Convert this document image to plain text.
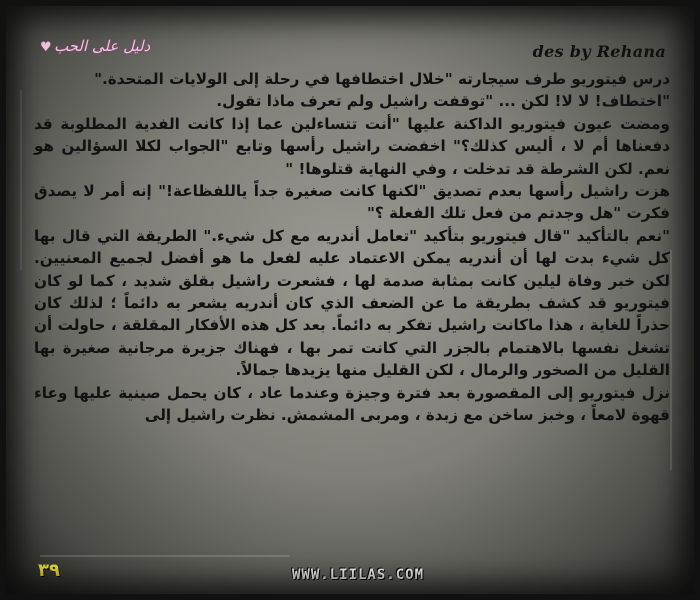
♥ دليل على الحب	des by Rehana

درس فيتوريو طرف سيجارته "خلال اختطافها في رحلة إلى الولايات المتحدة."

"اختطاف! لا لا! لكن ... "توقفت راشيل ولم تعرف ماذا تقول.

ومضت عيون فيتوريو الداكنة عليها "أنت تتساءلين عما إذا كانت الفدية المطلوبة قد دفعناها أم لا ، أليس كذلك؟" اخفضت راشيل رأسها وتابع "الجواب لكلا السؤالين هو نعم. لكن الشرطة قد تدخلت ، وفي النهاية قتلوها! "

هزت راشيل رأسها بعدم تصديق "لكنها كانت صغيرة جداً ياللفظاعة!" إنه أمر لا يصدق فكرت "هل وجدتم من فعل تلك الفعلة ؟"

"نعم بالتأكيد "قال فيتوريو بتأكيد "تعامل أندريه مع كل شيء." الطريقة التي قال بها كل شيء بدت لها أن أندريه يمكن الاعتماد عليه لفعل ما هو أفضل لجميع المعنيين. لكن خبر وفاة ليلين كانت بمثابة صدمة لها ، فشعرت راشيل بقلق شديد ، كما لو كان فيتوريو قد كشف بطريقة ما عن الضعف الذي كان أندريه يشعر به دائماً ؛ لذلك كان حذراً للغاية ، هذا ماكانت راشيل تفكر به دائماً. بعد كل هذه الأفكار المقلقة ، حاولت أن تشغل نفسها بالاهتمام بالجزر التي كانت تمر بها ، فهناك جزيرة مرجانية صغيرة بها القليل من الصخور والرمال ، لكن القليل منها يزيدها جمالاً.

نزل فيتوريو إلى المقصورة بعد فترة وجيزة وعندما عاد ، كان يحمل صينية عليها وعاء قهوة لامعاً ، وخبز ساخن مع زبدة ، ومربى المشمش. نظرت راشيل إلى

٣٩	WWW.LIILAS.COM
